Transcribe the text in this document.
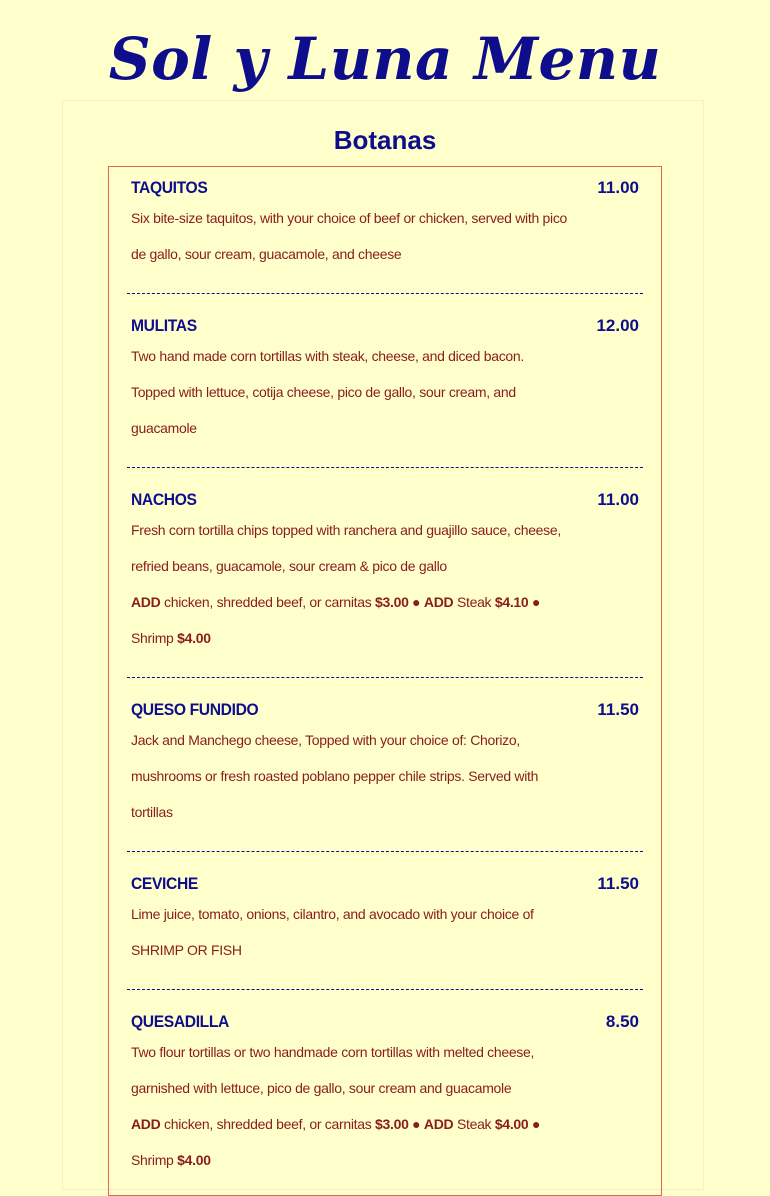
Sol y Luna Menu
Botanas
TAQUITOS	11.00
Six bite-size taquitos, with your choice of beef or chicken, served with pico de gallo, sour cream, guacamole, and cheese
MULITAS	12.00
Two hand made corn tortillas with steak, cheese, and diced bacon. Topped with lettuce, cotija cheese, pico de gallo, sour cream, and guacamole
NACHOS	11.00
Fresh corn tortilla chips topped with ranchera and guajillo sauce, cheese, refried beans, guacamole, sour cream & pico de gallo
ADD chicken, shredded beef, or carnitas $3.00 ● ADD Steak $4.10 ●
Shrimp $4.00
QUESO FUNDIDO	11.50
Jack and Manchego cheese, Topped with your choice of: Chorizo, mushrooms or fresh roasted poblano pepper chile strips. Served with tortillas
CEVICHE	11.50
Lime juice, tomato, onions, cilantro, and avocado with your choice of SHRIMP OR FISH
QUESADILLA	8.50
Two flour tortillas or two handmade corn tortillas with melted cheese, garnished with lettuce, pico de gallo, sour cream and guacamole
ADD chicken, shredded beef, or carnitas $3.00 ● ADD Steak $4.00 ●
Shrimp $4.00
